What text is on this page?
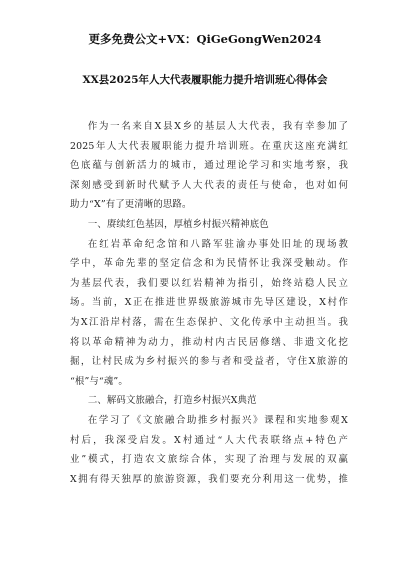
更多免费公文+VX：QiGeGongWen2024
XX县2025年人大代表履职能力提升培训班心得体会
作为一名来自X县X乡的基层人大代表，我有幸参加了
2025年人大代表履职能力提升培训班。在重庆这座充满红
色底蕴与创新活力的城市，通过理论学习和实地考察，我
深刻感受到新时代赋予人大代表的责任与使命，也对如何
助力“X”有了更清晰的思路。
一、赓续红色基因，厚植乡村振兴精神底色
在红岩革命纪念馆和八路军驻渝办事处旧址的现场教
学中，革命先辈的坚定信念和为民情怀让我深受触动。作
为基层代表，我们要以红岩精神为指引，始终站稳人民立
场。当前，X正在推进世界级旅游城市先导区建设，X村作
为X江沿岸村落，需在生态保护、文化传承中主动担当。我
将以革命精神为动力，推动村内古民居修缮、非遗文化挖
掘，让村民成为乡村振兴的参与者和受益者，守住X旅游的
“根”与“魂”。
二、解码文旅融合，打造乡村振兴X典范
在学习了《文旅融合助推乡村振兴》课程和实地参观X
村后，我深受启发。X村通过“人大代表联络点+特色产
业”模式，打造农文旅综合体，实现了治理与发展的双赢
X拥有得天独厚的旅游资源，我们要充分利用这一优势，推
